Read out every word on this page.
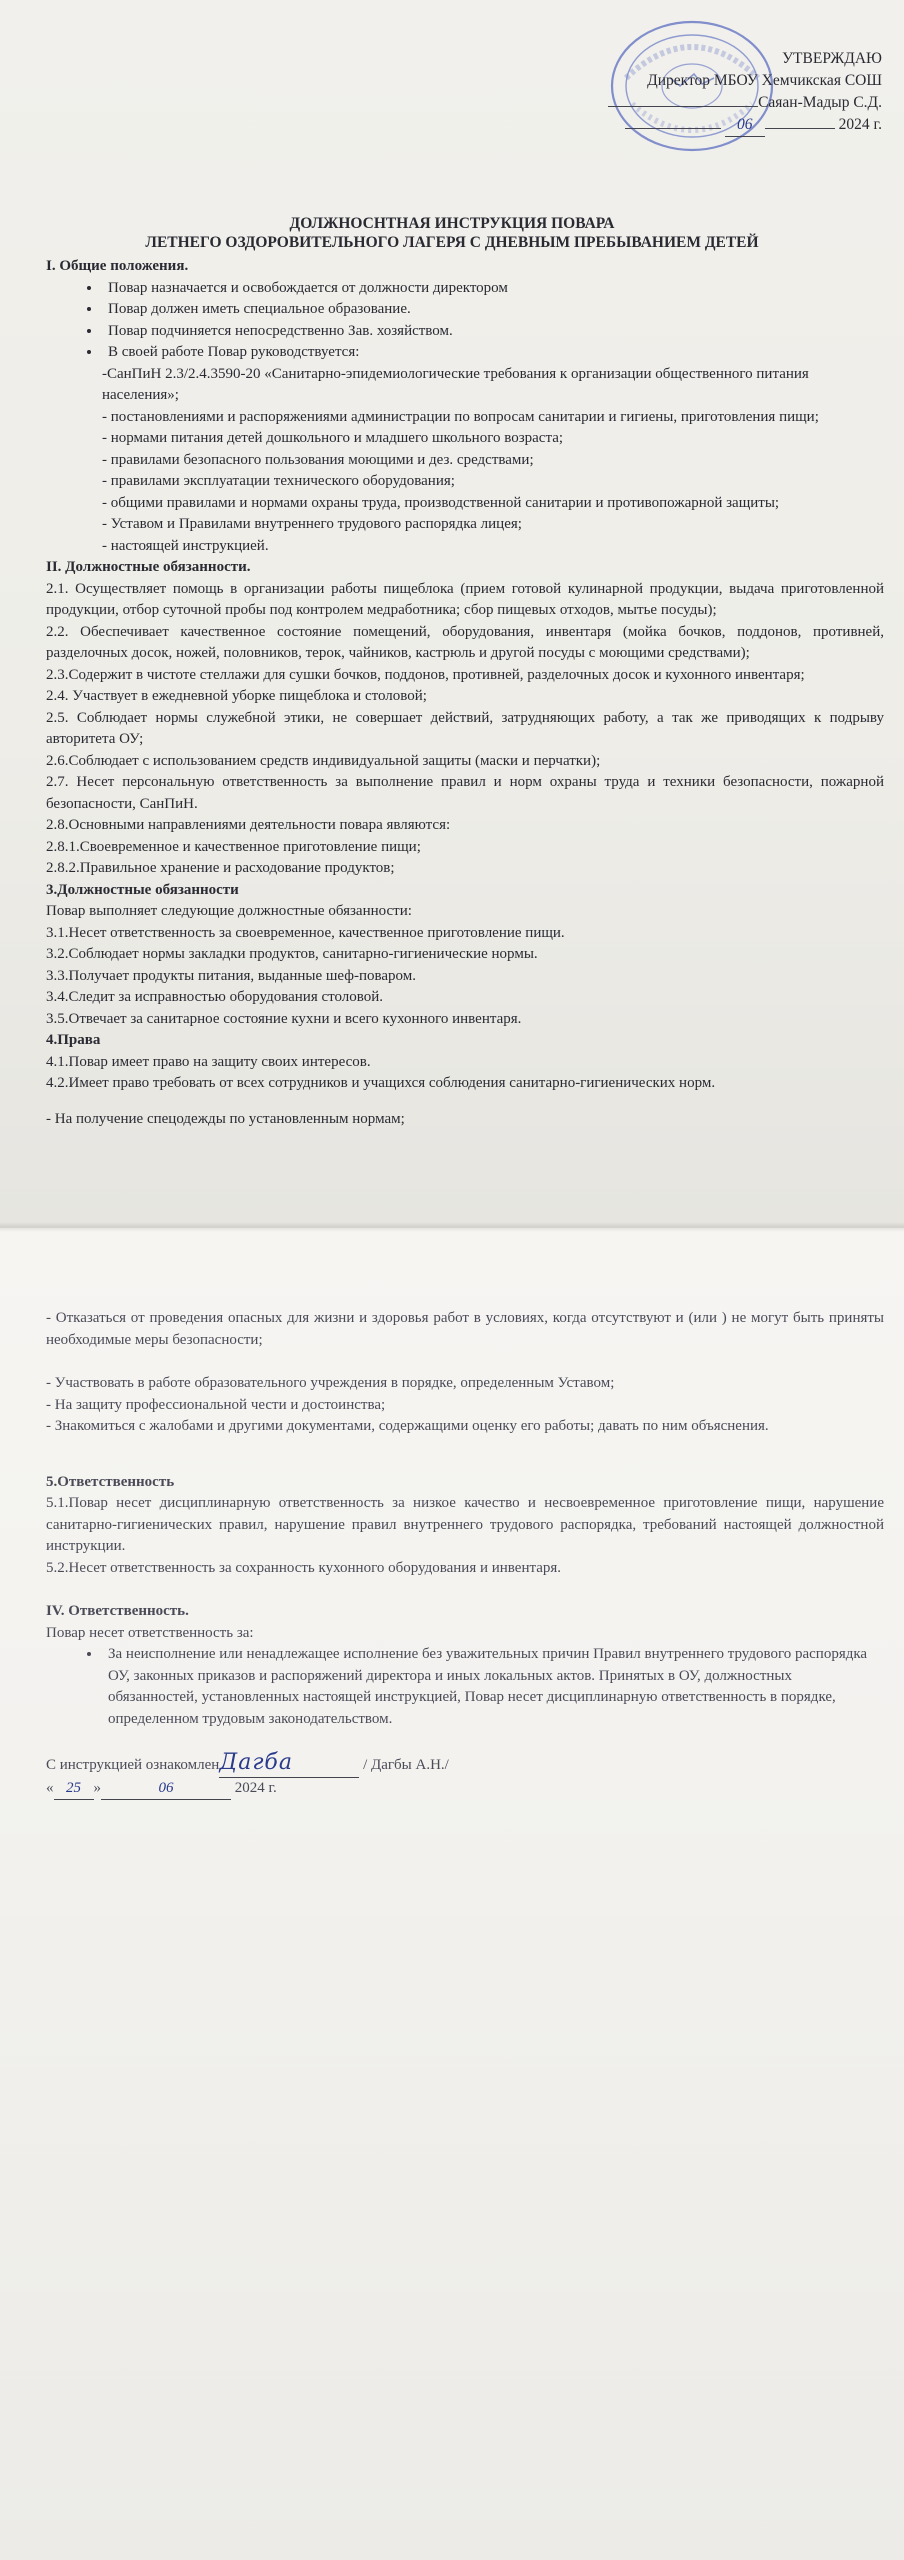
УТВЕРЖДАЮ
Директор МБОУ Хемчикская СОШ
Саяан-Мадыр С.Д.
06	2024 г.
ДОЛЖНОСНТНАЯ ИНСТРУКЦИЯ ПОВАРА
ЛЕТНЕГО ОЗДОРОВИТЕЛЬНОГО ЛАГЕРЯ С ДНЕВНЫМ ПРЕБЫВАНИЕМ ДЕТЕЙ
I. Общие положения.
• Повар назначается и освобождается от должности директором
• Повар должен иметь специальное образование.
• Повар подчиняется непосредственно Зав. хозяйством.
• В своей работе Повар руководствуется:
-СанПиН 2.3/2.4.3590-20 «Санитарно-эпидемиологические требования к организации общественного питания населения»;
- постановлениями и распоряжениями администрации по вопросам санитарии и гигиены, приготовления пищи;
- нормами питания детей дошкольного и младшего школьного возраста;
- правилами безопасного пользования моющими и дез. средствами;
- правилами эксплуатации технического оборудования;
- общими правилами и нормами охраны труда, производственной санитарии и противопожарной защиты;
- Уставом и Правилами внутреннего трудового распорядка лицея;
- настоящей инструкцией.
II. Должностные обязанности.
2.1. Осуществляет помощь в организации работы пищеблока (прием готовой кулинарной продукции, выдача приготовленной продукции, отбор суточной пробы под контролем медработника; сбор пищевых отходов, мытье посуды);
2.2. Обеспечивает качественное состояние помещений, оборудования, инвентаря (мойка бочков, поддонов, противней, разделочных досок, ножей, половников, терок, чайников, кастрюль и другой посуды с моющими средствами);
2.3.Содержит в чистоте стеллажи для сушки бочков, поддонов, противней, разделочных досок и кухонного инвентаря;
2.4. Участвует в ежедневной уборке пищеблока и столовой;
2.5. Соблюдает нормы служебной этики, не совершает действий, затрудняющих работу, а так же приводящих к подрыву авторитета ОУ;
2.6.Соблюдает с использованием средств индивидуальной защиты (маски и перчатки);
2.7. Несет персональную ответственность за выполнение правил и норм охраны труда и техники безопасности, пожарной безопасности, СанПиН.
2.8.Основными направлениями деятельности повара являются:
2.8.1.Своевременное и качественное приготовление пищи;
2.8.2.Правильное хранение и расходование продуктов;
3.Должностные обязанности
Повар выполняет следующие должностные обязанности:
3.1.Несет ответственность за своевременное, качественное приготовление пищи.
3.2.Соблюдает нормы закладки продуктов, санитарно-гигиенические нормы.
3.3.Получает продукты питания, выданные шеф-поваром.
3.4.Следит за исправностью оборудования столовой.
3.5.Отвечает за санитарное состояние кухни и всего кухонного инвентаря.
4.Права
4.1.Повар имеет право на защиту своих интересов.
4.2.Имеет право требовать от всех сотрудников и учащихся соблюдения санитарно-гигиенических норм.
- На получение спецодежды по установленным нормам;
- Отказаться от проведения опасных для жизни и здоровья работ в условиях, когда отсутствуют и (или ) не могут быть приняты необходимые меры безопасности;
- Участвовать в работе образовательного учреждения в порядке, определенным Уставом;
- На защиту профессиональной чести и достоинства;
- Знакомиться с жалобами и другими документами, содержащими оценку его работы; давать по ним объяснения.
5.Ответственность
5.1.Повар несет дисциплинарную ответственность за низкое качество и несвоевременное приготовление пищи, нарушение санитарно-гигиенических правил, нарушение правил внутреннего трудового распорядка, требований настоящей должностной инструкции.
5.2.Несет ответственность за сохранность кухонного оборудования и инвентаря.
IV. Ответственность.
Повар несет ответственность за:
• За неисполнение или ненадлежащее исполнение без уважительных причин Правил внутреннего трудового распорядка ОУ, законных приказов и распоряжений директора и иных локальных актов. Принятых в ОУ, должностных обязанностей, установленных настоящей инструкцией, Повар несет дисциплинарную ответственность в порядке, определенном трудовым законодательством.
С инструкцией ознакомленДагба	/ Дагбы А.Н./
« 25 »	06	2024 г.
